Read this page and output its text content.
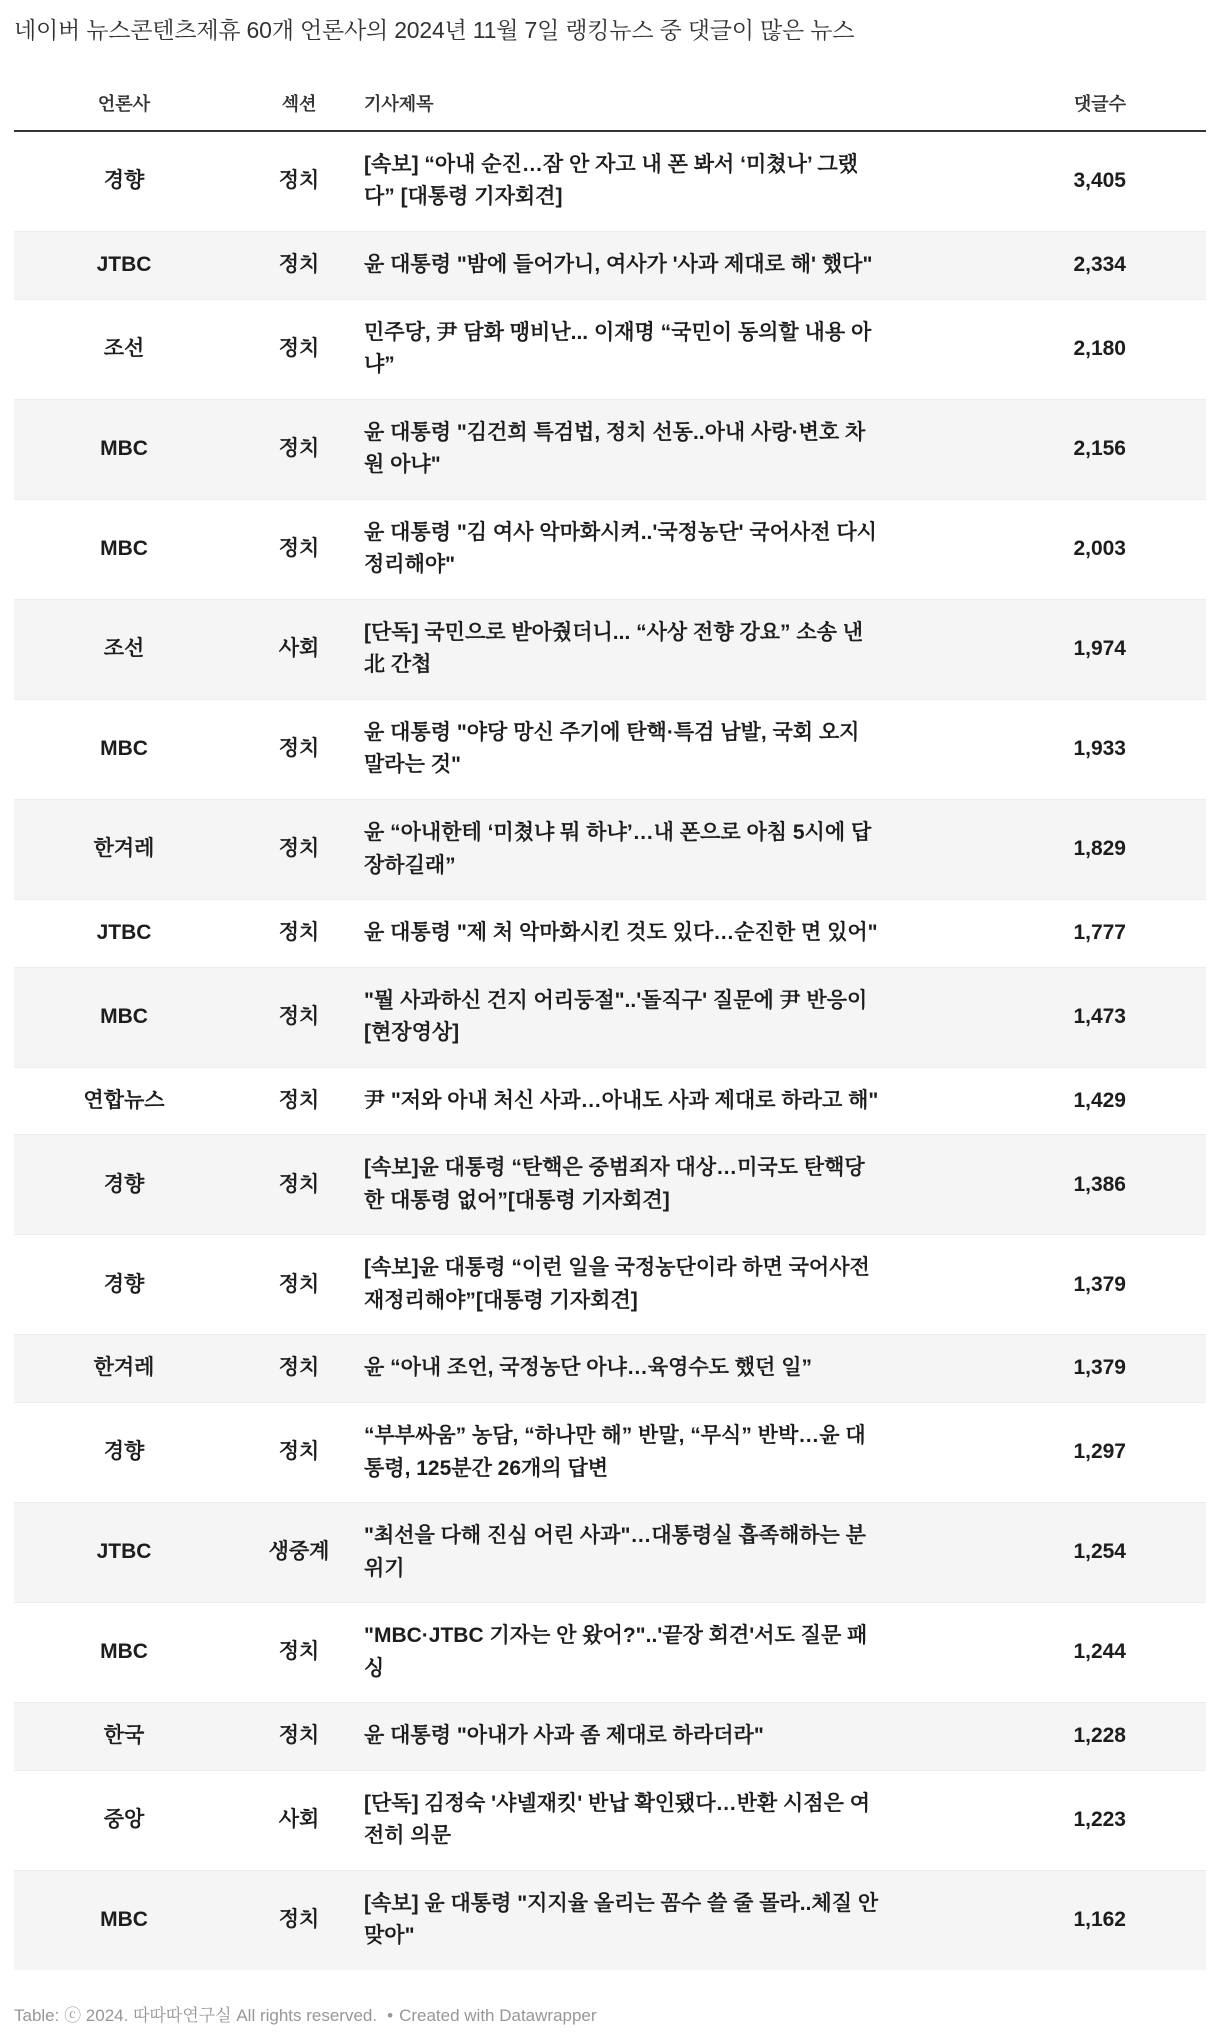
네이버 뉴스콘텐츠제휴 60개 언론사의 2024년 11월 7일 랭킹뉴스 중 댓글이 많은 뉴스
언론사	섹션	기사제목	댓글수
경향	정치	[속보] “아내 순진…잠 안 자고 내 폰 봐서 ‘미쳤나’ 그랬다” [대통령 기자회견]	3,405
JTBC	정치	윤 대통령 "밤에 들어가니, 여사가 '사과 제대로 해' 했다"	2,334
조선	정치	민주당, 尹 담화 맹비난... 이재명 “국민이 동의할 내용 아냐”	2,180
MBC	정치	윤 대통령 "김건희 특검법, 정치 선동..아내 사랑·변호 차원 아냐"	2,156
MBC	정치	윤 대통령 "김 여사 악마화시켜..'국정농단' 국어사전 다시 정리해야"	2,003
조선	사회	[단독] 국민으로 받아줬더니... “사상 전향 강요” 소송 낸 北 간첩	1,974
MBC	정치	윤 대통령 "야당 망신 주기에 탄핵·특검 남발, 국회 오지 말라는 것"	1,933
한겨레	정치	윤 “아내한테 ‘미쳤냐 뭐 하냐’…내 폰으로 아침 5시에 답장하길래”	1,829
JTBC	정치	윤 대통령 "제 처 악마화시킨 것도 있다…순진한 면 있어"	1,777
MBC	정치	"뭘 사과하신 건지 어리둥절"..'돌직구' 질문에 尹 반응이 [현장영상]	1,473
연합뉴스	정치	尹 "저와 아내 처신 사과…아내도 사과 제대로 하라고 해"	1,429
경향	정치	[속보]윤 대통령 “탄핵은 중범죄자 대상…미국도 탄핵당한 대통령 없어”[대통령 기자회견]	1,386
경향	정치	[속보]윤 대통령 “이런 일을 국정농단이라 하면 국어사전 재정리해야”[대통령 기자회견]	1,379
한겨레	정치	윤 “아내 조언, 국정농단 아냐…육영수도 했던 일”	1,379
경향	정치	“부부싸움” 농담, “하나만 해” 반말, “무식” 반박…윤 대통령, 125분간 26개의 답변	1,297
JTBC	생중계	"최선을 다해 진심 어린 사과"…대통령실 흡족해하는 분위기	1,254
MBC	정치	"MBC·JTBC 기자는 안 왔어?"..'끝장 회견'서도 질문 패싱	1,244
한국	정치	윤 대통령 "아내가 사과 좀 제대로 하라더라"	1,228
중앙	사회	[단독] 김정숙 '샤넬재킷' 반납 확인됐다…반환 시점은 여전히 의문	1,223
MBC	정치	[속보] 윤 대통령 "지지율 올리는 꼼수 쓸 줄 몰라..체질 안 맞아"	1,162
Table: ⓒ 2024. 따따따연구실 All rights reserved. • Created with Datawrapper
